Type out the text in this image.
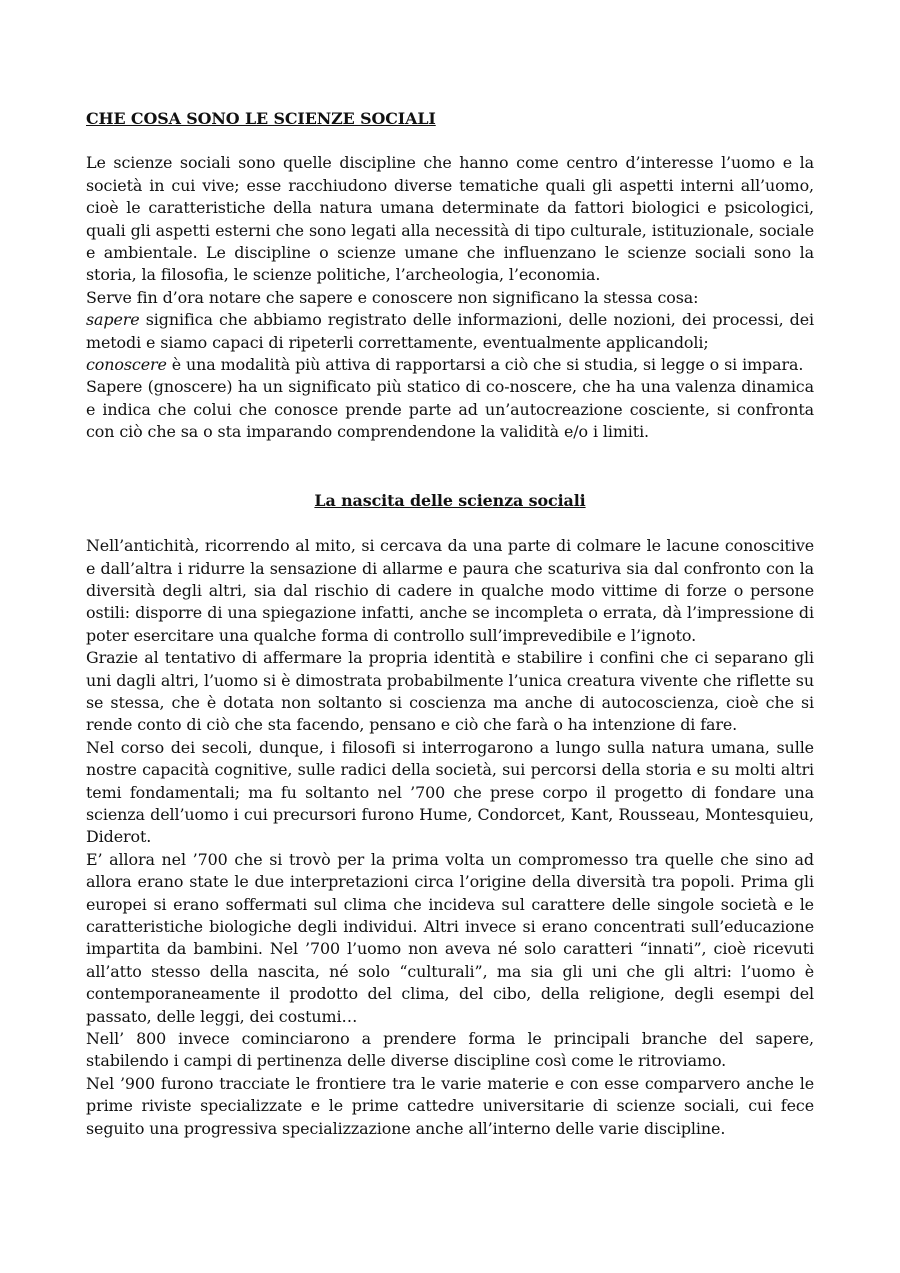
CHE COSA SONO LE SCIENZE SOCIALI

Le scienze sociali sono quelle discipline che hanno come centro d’interesse l’uomo e la società in cui vive; esse racchiudono diverse tematiche quali gli aspetti interni all’uomo, cioè le caratteristiche della natura umana determinate da fattori biologici e psicologici, quali gli aspetti esterni che sono legati alla necessità di tipo culturale, istituzionale, sociale e ambientale. Le discipline o scienze umane che influenzano le scienze sociali sono la storia, la filosofia, le scienze politiche, l’archeologia, l’economia.

Serve fin d’ora notare che sapere e conoscere non significano la stessa cosa:

sapere significa che abbiamo registrato delle informazioni, delle nozioni, dei processi, dei metodi e siamo capaci di ripeterli correttamente, eventualmente applicandoli;

conoscere è una modalità più attiva di rapportarsi a ciò che si studia, si legge o si impara.

Sapere (gnoscere) ha un significato più statico di co-noscere, che ha una valenza dinamica e indica che colui che conosce prende parte ad un’autocreazione cosciente, si confronta con ciò che sa o sta imparando comprendendone la validità e/o i limiti.

La nascita delle scienza sociali

Nell’antichità, ricorrendo al mito, si cercava da una parte di colmare le lacune conoscitive e dall’altra i ridurre la sensazione di allarme e paura che scaturiva sia dal confronto con la diversità degli altri, sia dal rischio di cadere in qualche modo vittime di forze o persone ostili: disporre di una spiegazione infatti, anche se incompleta o errata, dà l’impressione di poter esercitare una qualche forma di controllo sull’imprevedibile e l’ignoto.

Grazie al tentativo di affermare la propria identità e stabilire i confini che ci separano gli uni dagli altri, l’uomo si è dimostrata probabilmente l’unica creatura vivente che riflette su se stessa, che è dotata non soltanto si coscienza ma anche di autocoscienza, cioè che si rende conto di ciò che sta facendo, pensano e ciò che farà o ha intenzione di fare.

Nel corso dei secoli, dunque, i filosofi si interrogarono a lungo sulla natura umana, sulle nostre capacità cognitive, sulle radici della società, sui percorsi della storia e su molti altri temi fondamentali; ma fu soltanto nel ’700 che prese corpo il progetto di fondare una scienza dell’uomo i cui precursori furono Hume, Condorcet, Kant, Rousseau, Montesquieu, Diderot.

E’ allora nel ’700 che si trovò per la prima volta un compromesso tra quelle che sino ad allora erano state le due interpretazioni circa l’origine della diversità tra popoli. Prima gli europei si erano soffermati sul clima che incideva sul carattere delle singole società e le caratteristiche biologiche degli individui. Altri invece si erano concentrati sull’educazione impartita da bambini. Nel ’700 l’uomo non aveva né solo caratteri “innati”, cioè ricevuti all’atto stesso della nascita, né solo “culturali”, ma sia gli uni che gli altri: l’uomo è contemporaneamente il prodotto del clima, del cibo, della religione, degli esempi del passato, delle leggi, dei costumi…

Nell’ 800 invece cominciarono a prendere forma le principali branche del sapere, stabilendo i campi di pertinenza delle diverse discipline così come le ritroviamo.

Nel ’900 furono tracciate le frontiere tra le varie materie e con esse comparvero anche le prime riviste specializzate e le prime cattedre universitarie di scienze sociali, cui fece seguito una progressiva specializzazione anche all’interno delle varie discipline.
